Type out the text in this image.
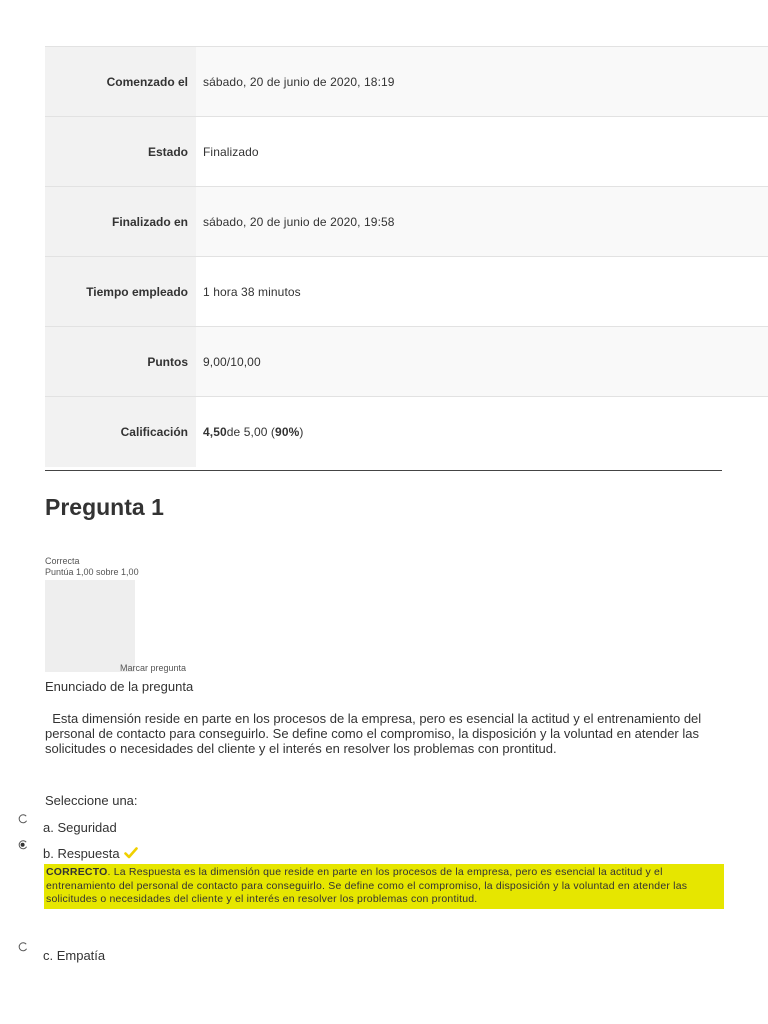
Comenzado el	sábado, 20 de junio de 2020, 18:19
Estado	Finalizado
Finalizado en	sábado, 20 de junio de 2020, 19:58
Tiempo empleado	1 hora 38 minutos
Puntos	9,00/10,00
Calificación	4,50 de 5,00 ( 90% )
Pregunta 1
Correcta
Puntúa 1,00 sobre 1,00
Marcar pregunta
Enunciado de la pregunta
Esta dimensión reside en parte en los procesos de la empresa, pero es esencial la actitud y el entrenamiento del personal de contacto para conseguirlo. Se define como el compromiso, la disposición y la voluntad en atender las solicitudes o necesidades del cliente y el interés en resolver los problemas con prontitud.
Seleccione una:
a. Seguridad
b. Respuesta
CORRECTO. La Respuesta es la dimensión que reside en parte en los procesos de la empresa, pero es esencial la actitud y el entrenamiento del personal de contacto para conseguirlo. Se define como el compromiso, la disposición y la voluntad en atender las solicitudes o necesidades del cliente y el interés en resolver los problemas con prontitud.
c. Empatía
